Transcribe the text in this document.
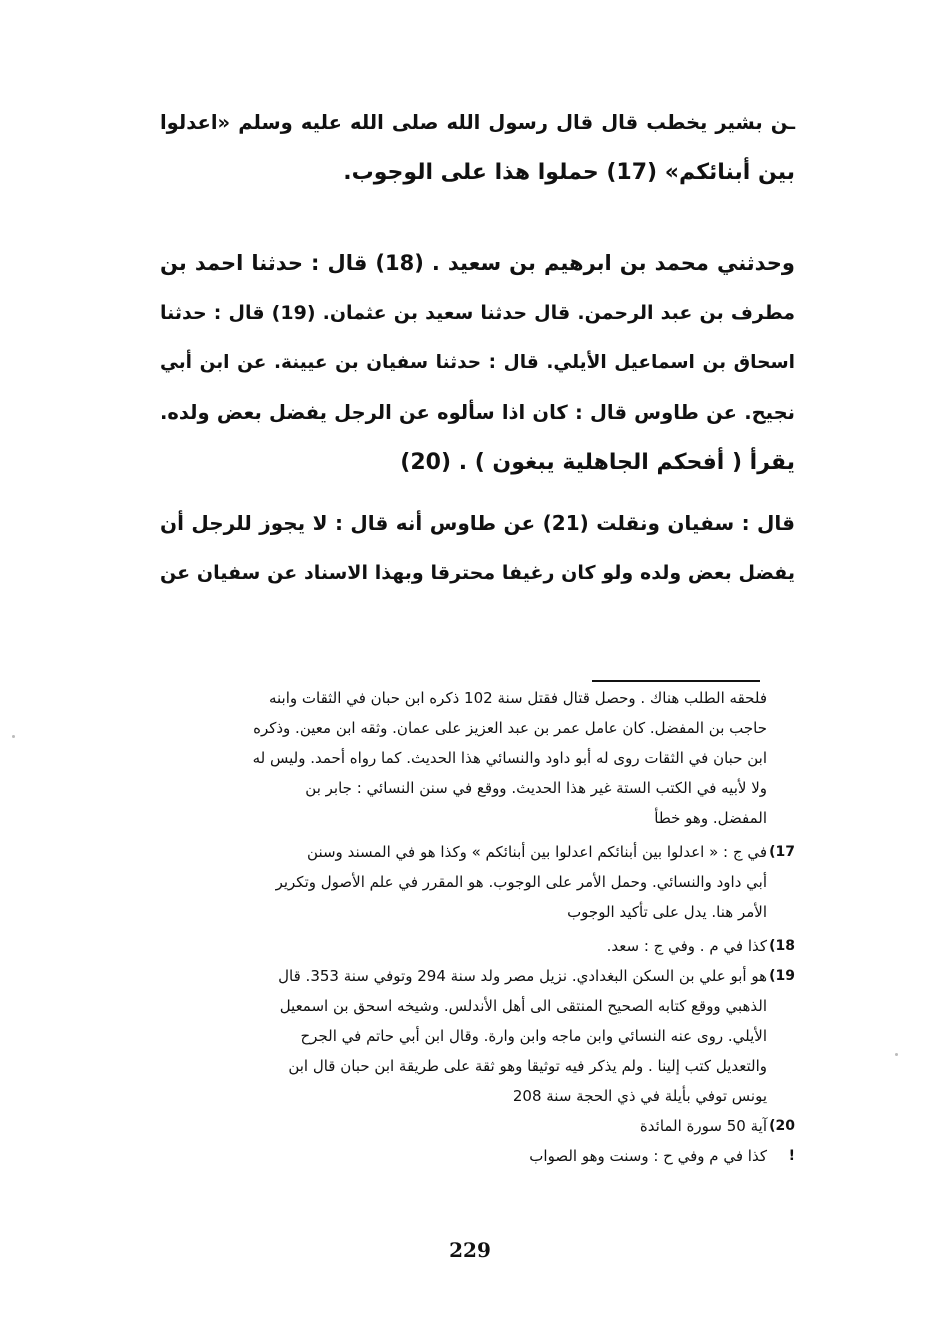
ـن بشير يخطب قال قال رسول الله صلى الله عليه وسلم «اعدلوا
بين أبنائكم» (17) حملوا هذا على الوجوب.
وحدثني محمد بن ابرهيم بن سعيد . (18) قال : حدثنا احمد بن
مطرف بن عبد الرحمن. قال حدثنا سعيد بن عثمان. (19) قال : حدثنا
اسحاق بن اسماعيل الأيلي. قال : حدثنا سفيان بن عيينة. عن ابن أبي
نجيح. عن طاوس قال : كان اذا سألوه عن الرجل يفضل بعض ولده.
يقرأ ( أفحكم الجاهلية يبغون ) . (20)
قال : سفيان ونقلت (21) عن طاوس أنه قال : لا يجوز للرجل أن
يفضل بعض ولده ولو كان رغيفا محترقا وبهذا الاسناد عن سفيان عن
فلحقه الطلب هناك . وحصل قتال فقتل سنة 102 ذكره ابن حبان في الثقات وابنه
حاجب بن المفضل. كان عامل عمر بن عبد العزيز على عمان. وثقه ابن معين. وذكره
ابن حبان في الثقات روى له أبو داود والنسائي هذا الحديث. كما رواه أحمد. وليس له
ولا لأبيه في الكتب الستة غير هذا الحديث. ووقع في سنن النسائي : جابر بن
المفضل. وهو خطأ
17)
في ج : « اعدلوا بين أبنائكم اعدلوا بين أبنائكم » وكذا هو في المسند وسنن
أبي داود والنسائي. وحمل الأمر على الوجوب. هو المقرر في علم الأصول وتكرير
الأمر هنا. يدل على تأكيد الوجوب
18)
كذا في م . وفي ج : سعد.
19)
هو أبو علي بن السكن البغدادي. نزيل مصر ولد سنة 294 وتوفي سنة 353. قال
الذهبي ووقع كتابه الصحيح المنتقى الى أهل الأندلس. وشيخه اسحق بن اسمعيل
الأيلي. روى عنه النسائي وابن ماجه وابن وارة. وقال ابن أبي حاتم في الجرح
والتعديل كتب إلينا . ولم يذكر فيه توثيقا وهو ثقة على طريقة ابن حبان قال ابن
يونس توفي بأيلة في ذي الحجة سنة 208
20)
آية 50 سورة المائدة
!
كذا في م وفي ح : وسنت وهو الصواب
229
